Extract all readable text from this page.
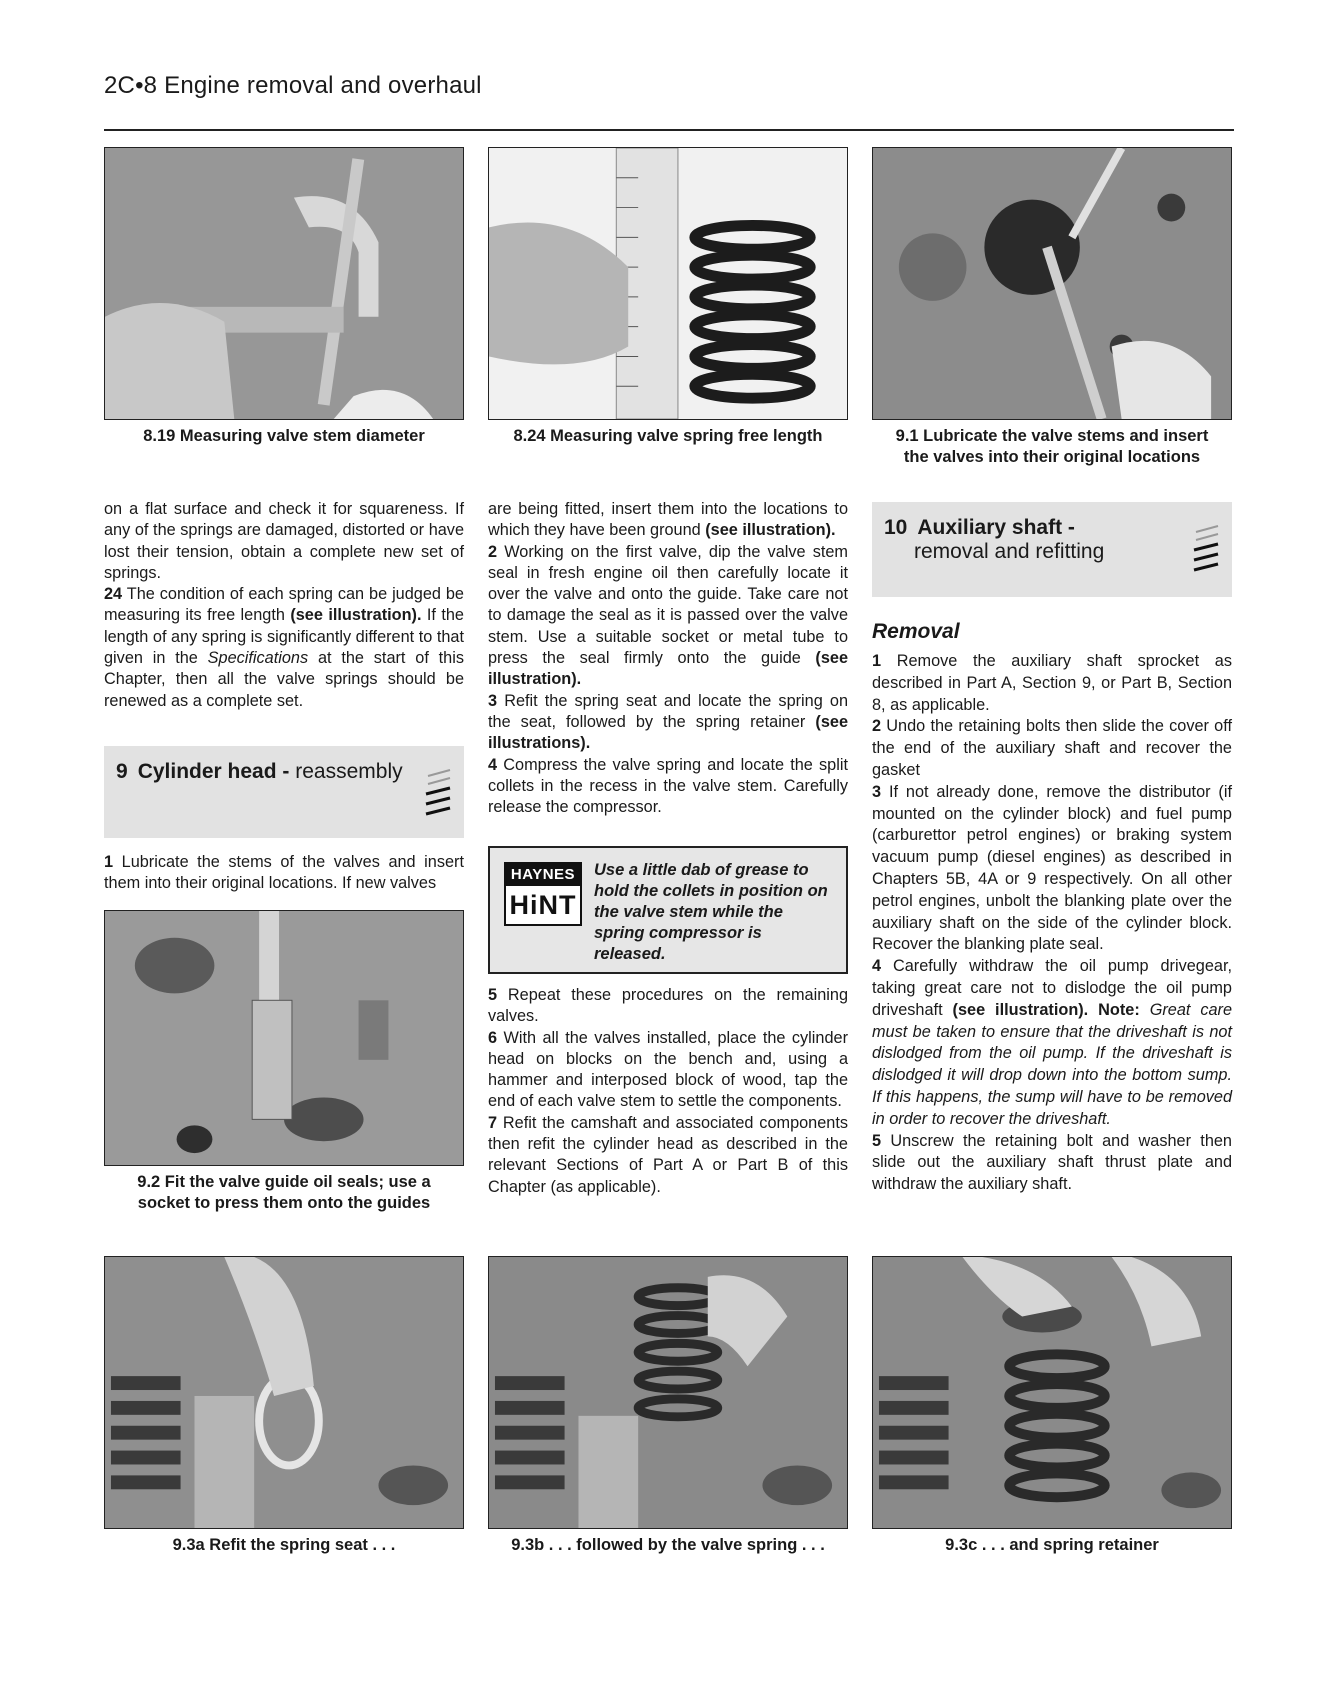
2C•8 Engine removal and overhaul
8.19 Measuring valve stem diameter	8.24 Measuring valve spring free length	9.1 Lubricate the valve stems and insert
the valves into their original locations

on a flat surface and check it for squareness. If any of the springs are damaged, distorted or have lost their tension, obtain a complete new set of springs.

24 The condition of each spring can be judged be measuring its free length (see illustration). If the length of any spring is significantly different to that given in the Specifications at the start of this Chapter, then all the valve springs should be renewed as a complete set.

9 Cylinder head - reassembly

1 Lubricate the stems of the valves and insert them into their original locations. If new valves

9.2 Fit the valve guide oil seals; use a
socket to press them onto the guides

are being fitted, insert them into the locations to which they have been ground (see illustration).

2 Working on the first valve, dip the valve stem seal in fresh engine oil then carefully locate it over the valve and onto the guide. Take care not to damage the seal as it is passed over the valve stem. Use a suitable socket or metal tube to press the seal firmly onto the guide (see illustration).

3 Refit the spring seat and locate the spring on the seat, followed by the spring retainer (see illustrations).

4 Compress the valve spring and locate the split collets in the recess in the valve stem. Carefully release the compressor.

HAYNES
HiNT
Use a little dab of grease to hold the collets in position on the valve stem while the spring compressor is released.

5 Repeat these procedures on the remaining valves.

6 With all the valves installed, place the cylinder head on blocks on the bench and, using a hammer and interposed block of wood, tap the end of each valve stem to settle the components.

7 Refit the camshaft and associated components then refit the cylinder head as described in the relevant Sections of Part A or Part B of this Chapter (as applicable).

10 Auxiliary shaft -
removal and refitting
Removal

1 Remove the auxiliary shaft sprocket as described in Part A, Section 9, or Part B, Section 8, as applicable.

2 Undo the retaining bolts then slide the cover off the end of the auxiliary shaft and recover the gasket

3 If not already done, remove the distributor (if mounted on the cylinder block) and fuel pump (carburettor petrol engines) or braking system vacuum pump (diesel engines) as described in Chapters 5B, 4A or 9 respectively. On all other petrol engines, unbolt the blanking plate over the auxiliary shaft on the side of the cylinder block. Recover the blanking plate seal.

4 Carefully withdraw the oil pump drivegear, taking great care not to dislodge the oil pump driveshaft (see illustration). Note: Great care must be taken to ensure that the driveshaft is not dislodged from the oil pump. If the driveshaft is dislodged it will drop down into the bottom sump. If this happens, the sump will have to be removed in order to recover the driveshaft.

5 Unscrew the retaining bolt and washer then slide out the auxiliary shaft thrust plate and withdraw the auxiliary shaft.

9.3a Refit the spring seat . . .	9.3b . . . followed by the valve spring . . .	9.3c . . . and spring retainer
